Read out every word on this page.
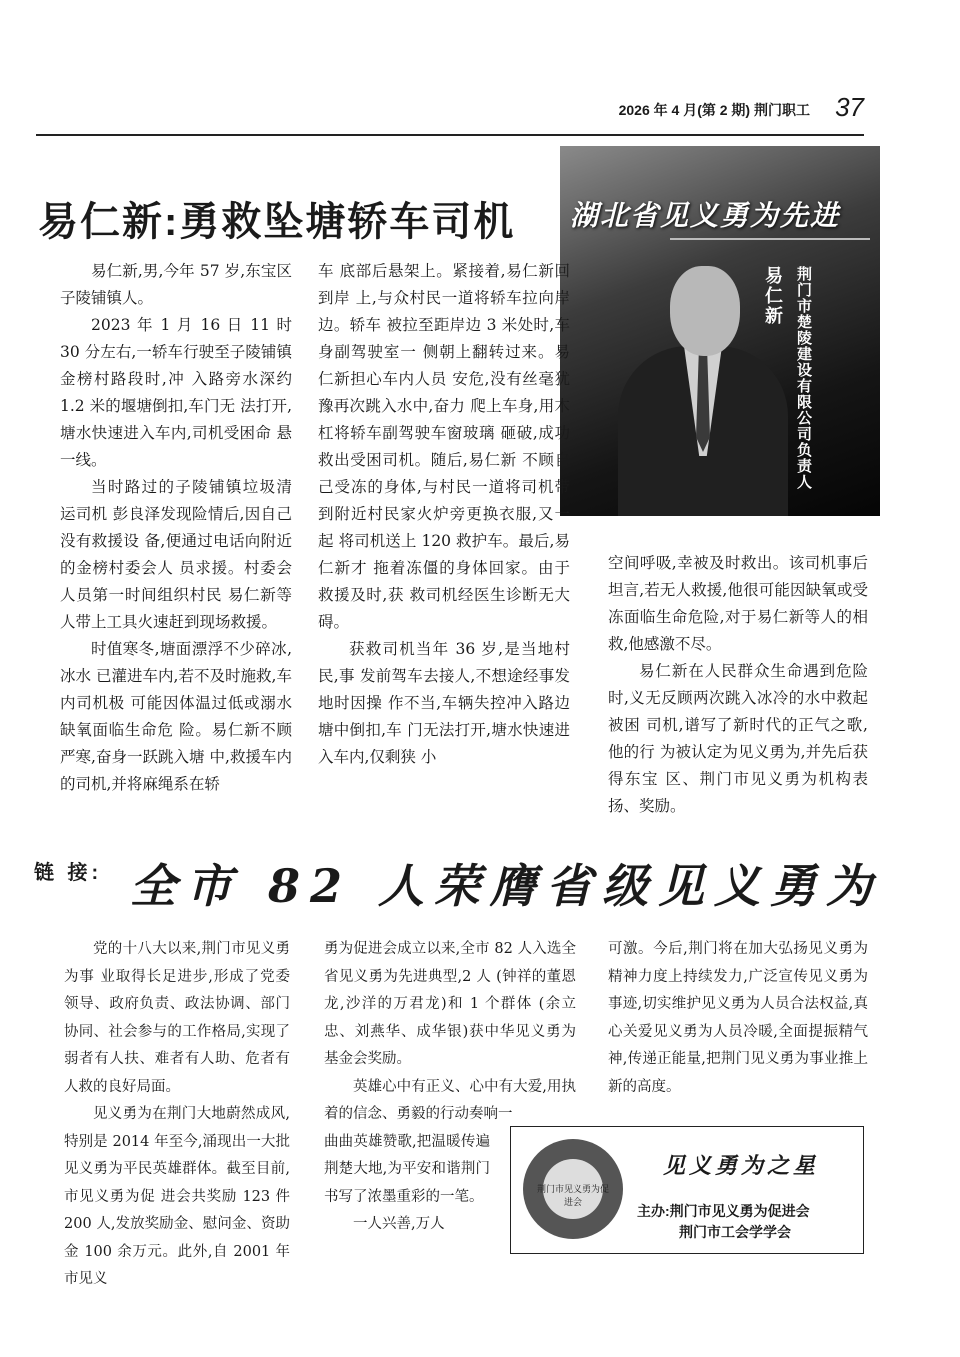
2026 年 4 月(第 2 期) 荆门职工 37
易仁新:勇救坠塘轿车司机 湖北省见义勇为先进
易仁新 荆门市楚陵建设有限公司负责人

易仁新,男,今年 57 岁,东宝区子陵铺镇人。

2023 年 1 月 16 日 11 时 30 分左右,一轿车行驶至子陵铺镇金榜村路段时,冲 入路旁水深约 1.2 米的堰塘倒扣,车门无 法打开,塘水快速进入车内,司机受困命 悬一线。

当时路过的子陵铺镇垃圾清运司机 彭良泽发现险情后,因自己没有救援设 备,便通过电话向附近的金榜村委会人 员求援。村委会人员第一时间组织村民 易仁新等人带上工具火速赶到现场救援。

时值寒冬,塘面漂浮不少碎冰,冰水 已灌进车内,若不及时施救,车内司机极 可能因体温过低或溺水缺氧面临生命危 险。易仁新不顾严寒,奋身一跃跳入塘 中,救援车内的司机,并将麻绳系在轿

车 底部后悬架上。紧接着,易仁新回到岸 上,与众村民一道将轿车拉向岸边。轿车 被拉至距岸边 3 米处时,车身副驾驶室一 侧朝上翻转过来。易仁新担心车内人员 安危,没有丝毫犹豫再次跳入水中,奋力 爬上车身,用木杠将轿车副驾驶车窗玻璃 砸破,成功救出受困司机。随后,易仁新 不顾自己受冻的身体,与村民一道将司机带到附近村民家火炉旁更换衣服,又一起 将司机送上 120 救护车。最后,易仁新才 拖着冻僵的身体回家。由于救援及时,获 救司机经医生诊断无大碍。

获救司机当年 36 岁,是当地村民,事 发前驾车去接人,不想途经事发地时因操 作不当,车辆失控冲入路边塘中倒扣,车 门无法打开,塘水快速进入车内,仅剩狭 小

空间呼吸,幸被及时救出。该司机事后 坦言,若无人救援,他很可能因缺氧或受 冻面临生命危险,对于易仁新等人的相 救,他感激不尽。

易仁新在人民群众生命遇到危险时,义无反顾两次跳入冰冷的水中救起被困 司机,谱写了新时代的正气之歌,他的行 为被认定为见义勇为,并先后获得东宝 区、荆门市见义勇为机构表扬、奖励。

链 接: 全市 82 人荣膺省级见义勇为

党的十八大以来,荆门市见义勇为事 业取得长足进步,形成了党委领导、政府负责、政法协调、部门协同、社会参与的工作格局,实现了弱者有人扶、难者有人助、危者有人救的良好局面。

见义勇为在荆门大地蔚然成风,特别是 2014 年至今,涌现出一大批见义勇为平民英雄群体。截至目前,市见义勇为促 进会共奖励 123 件 200 人,发放奖励金、慰问金、资助金 100 余万元。此外,自 2001 年市见义

勇为促进会成立以来,全市 82 人入选全省见义勇为先进典型,2 人 (钟祥的董恩龙,沙洋的万君龙)和 1 个群体 (余立忠、刘燕华、成华银)获中华见义勇为基金会奖励。

英雄心中有正义、心中有大爱,用执着的信念、勇毅的行动奏响一

曲曲英雄赞歌,把温暖传遍荆楚大地,为平安和谐荆门书写了浓墨重彩的一笔。

一人兴善,万人

可激。今后,荆门将在加大弘扬见义勇为精神力度上持续发力,广泛宣传见义勇为事迹,切实维护见义勇为人员合法权益,真心关爱见义勇为人员冷暖,全面提振精气神,传递正能量,把荆门见义勇为事业推上新的高度。

荆门市见义勇为促进会
见义勇为之星
主办:荆门市见义勇为促进会
荆门市工会学学会
